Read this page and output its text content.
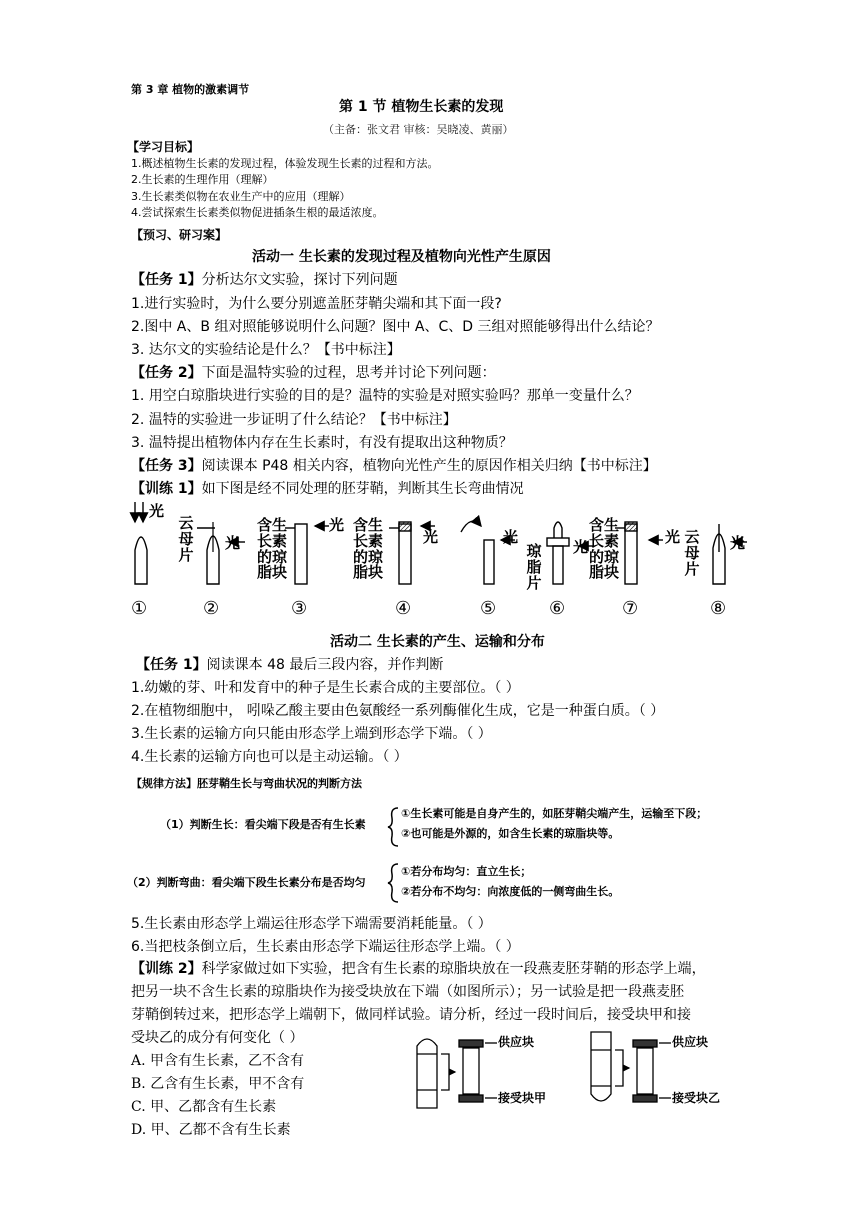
第 3 章 植物的激素调节
第 1 节 植物生长素的发现
（主备：张文君 审核：吴晓凌、黄丽）
【学习目标】
1.概述植物生长素的发现过程，体验发现生长素的过程和方法。
2.生长素的生理作用（理解）
3.生长素类似物在农业生产中的应用（理解）
4.尝试探索生长素类似物促进插条生根的最适浓度。
【预习、研习案】
活动一 生长素的发现过程及植物向光性产生原因
【任务 1】分析达尔文实验，探讨下列问题
1.进行实验时，为什么要分别遮盖胚芽鞘尖端和其下面一段?
2.图中 A、B 组对照能够说明什么问题？图中 A、C、D 三组对照能够得出什么结论？
3. 达尔文的实验结论是什么？【书中标注】
【任务 2】下面是温特实验的过程，思考并讨论下列问题：
1. 用空白琼脂块进行实验的目的是？温特的实验是对照实验吗？那单一变量什么？
2. 温特的实验进一步证明了什么结论？【书中标注】
3. 温特提出植物体内存在生长素时，有没有提取出这种物质？
【任务 3】阅读课本 P48 相关内容，植物向光性产生的原因作相关归纳【书中标注】
【训练 1】如下图是经不同处理的胚芽鞘，判断其生长弯曲情况
光
云母片
光
含生长素的琼脂块
光 含生长素的琼脂块
光	光
琼脂片
光
含生长素的琼脂块
光 云母片
光
①	②	③	④	⑤	⑥	⑦	⑧
活动二 生长素的产生、运输和分布
【任务 1】阅读课本 48 最后三段内容，并作判断
1.幼嫩的芽、叶和发育中的种子是生长素合成的主要部位。（ ）
2.在植物细胞中， 吲哚乙酸主要由色氨酸经一系列酶催化生成，它是一种蛋白质。（ ）
3.生长素的运输方向只能由形态学上端到形态学下端。（ ）
4.生长素的运输方向也可以是主动运输。（ ）
【规律方法】胚芽鞘生长与弯曲状况的判断方法
（1）判断生长：看尖端下段是否有生长素
①生长素可能是自身产生的，如胚芽鞘尖端产生，运输至下段；
②也可能是外源的，如含生长素的琼脂块等。
（2）判断弯曲：看尖端下段生长素分布是否均匀
①若分布均匀：直立生长；
②若分布不均匀：向浓度低的一侧弯曲生长。
5.生长素由形态学上端运往形态学下端需要消耗能量。（ ）
6.当把枝条倒立后，生长素由形态学下端运往形态学上端。（ ）
【训练 2】科学家做过如下实验，把含有生长素的琼脂块放在一段燕麦胚芽鞘的形态学上端，
把另一块不含生长素的琼脂块作为接受块放在下端（如图所示）；另一试验是把一段燕麦胚
芽鞘倒转过来，把形态学上端朝下，做同样试验。请分析，经过一段时间后，接受块甲和接
受块乙的成分有何变化（ ）
A. 甲含有生长素，乙不含有
B. 乙含有生长素，甲不含有
C. 甲、乙都含有生长素
D. 甲、乙都不含有生长素
供应块
接受块甲
供应块
接受块乙
